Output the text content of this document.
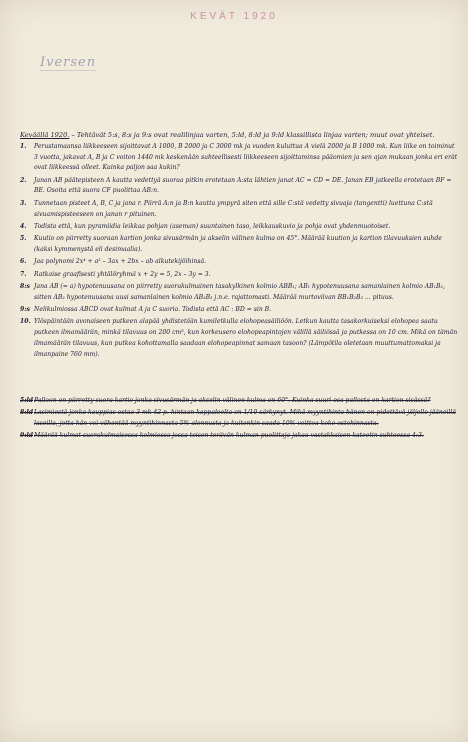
KEVÄT 1920
Iversen
Keväällä 1920. – Tehtävät 5:s, 8:s ja 9:s ovat realilinjaa varten, 5:ld, 8:ld ja 9:ld klassillista linjaa varten; muut ovat yhteiset.
1.	Perustamaansa liikkeeseen sijoittavat A 1000, B 2000 ja C 3000 mk ja vuoden kuluttua A vielä 2000 ja B 1000 mk. Kun liike on toiminut 3 vuotta, jakavat A, B ja C voiton 1440 mk keskenään suhteellisesti liikkeeseen sijoittaminsa pääomien ja sen ajan mukaan jonka eri erät ovat liikkeessä olleet. Kuinka paljon saa kukin?
2.	Janan AB päätepisteen A kautta vedettyä suoraa pitkin erotetaan A:sta lähtien janat AC = CD = DE. Janan EB jatkeella erotetaan BF = BE. Osoita että suora CF puolittaa AB:n.
3.	Tunnetaan pisteet A, B, C ja jana r. Piirrä A:n ja B:n kautta ympyrä siten että sille C:stä vedetty sivuaja (tangentti) luettuna C:stä sivuamispisteeseen on janan r pituinen.
4.	Todista että, kun pyramiidia leikkaa pohjan (aseman) suuntainen taso, leikkauskuvio ja pohja ovat yhdenmuotoiset.
5.	Kuutio on piirretty suoraan kartion jonka sivusärmän ja akselin välinen kulma on 45°. Määrää kuution ja kartion tilavuuksien suhde (kaksi kymmenystä eli desimaalia).
6.	Jaa polynomi 2x⁴ + a² – 3ax + 2bx – ab alkutekijöihinsä.
7.	Ratkaise graafisesti yhtälöryhmä x + 2y = 5, 2x – 3y = 3.
8:s Jana AB (= a) hypotenuusana on piirretty suorakulmainen tasakylkinen kolmio ABB₁; AB₁ hypotenuusana samanlainen kolmio AB₁B₂, sitten AB₂ hypotenuusana uusi samanlainen kolmio AB₂B₃ j.n.e. rajattomasti. Määrää murtoviivan BB₁B₂B₃ ... pituus.
9:s Nelikulmiossa ABCD ovat kulmat A ja C suoria. Todista että AC : BD = sin B.
10. Ylöspäintään avonaiseen putkeen alapää yhdistetään kumiletkulla elohopeasäiliöön. Letkun kautta tasakorkuiseksi elohopea saatu putkeen ilmamäärän, minkä tilavuus on 200 cm³, kun korkeusero elohopeapintojen välillä säiliössä ja putkessa on 10 cm. Mikä on tämän ilmamäärän tilavuus, kun putkea kohottamalla saadaan elohopeapinnat samaan tasoon? (Lämpötila oletetaan muuttumattomaksi ja ilmanpaine 760 mm).
5:ld Palloon on piirretty suora kartio jonka sivusärmän ja akselin välinen kulma on 60°. Kuinka suuri osa pallosta on kartion sisässä?
8:ld Lasimiestä jonka kauppias ostaa 3 mk 42 p. hintaan kappaleelta on 1/10 särkynyt. Mikä myyntihinta hänen on pidettävä jäljelle jääneillä laseilla, jotta hän voi vähentää myyntihinnasta 5% alennusta ja kuitenkin saada 10% voittoa koko ostohinnasta.
9:ld Määrää kulmat suorakulmaisessa kolmiossa jossa toisen terävän kulman puolittaja jakaa vastakkaisen kateetin suhteessa 4:3.
